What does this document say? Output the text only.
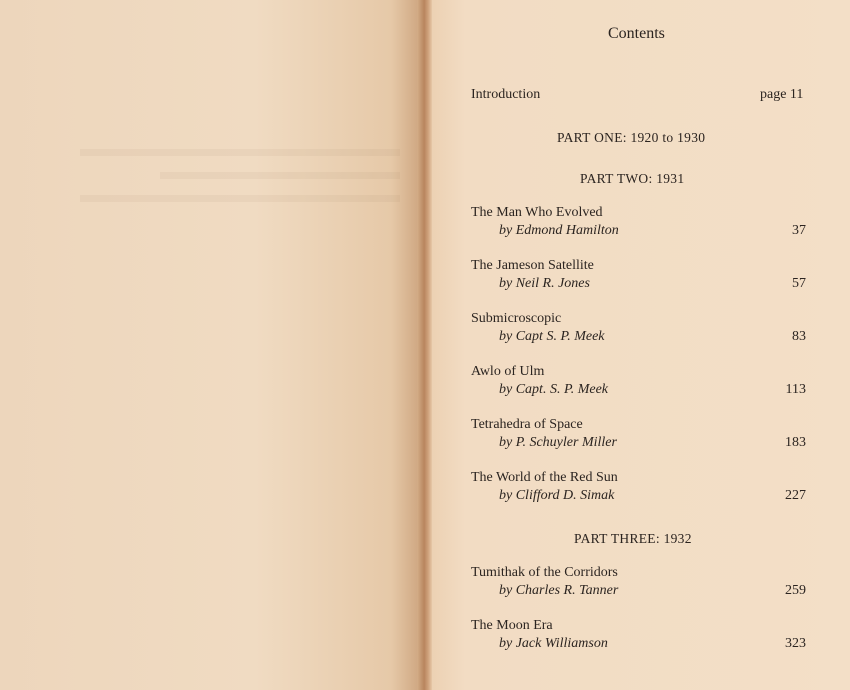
Contents
Introduction	page 11
PART ONE: 1920 to 1930
PART TWO: 1931
The Man Who Evolved
by Edmond Hamilton	37
The Jameson Satellite
by Neil R. Jones	57
Submicroscopic
by Capt S. P. Meek	83
Awlo of Ulm
by Capt. S. P. Meek	113
Tetrahedra of Space
by P. Schuyler Miller	183
The World of the Red Sun
by Clifford D. Simak	227
PART THREE: 1932
Tumithak of the Corridors
by Charles R. Tanner	259
The Moon Era
by Jack Williamson	323
